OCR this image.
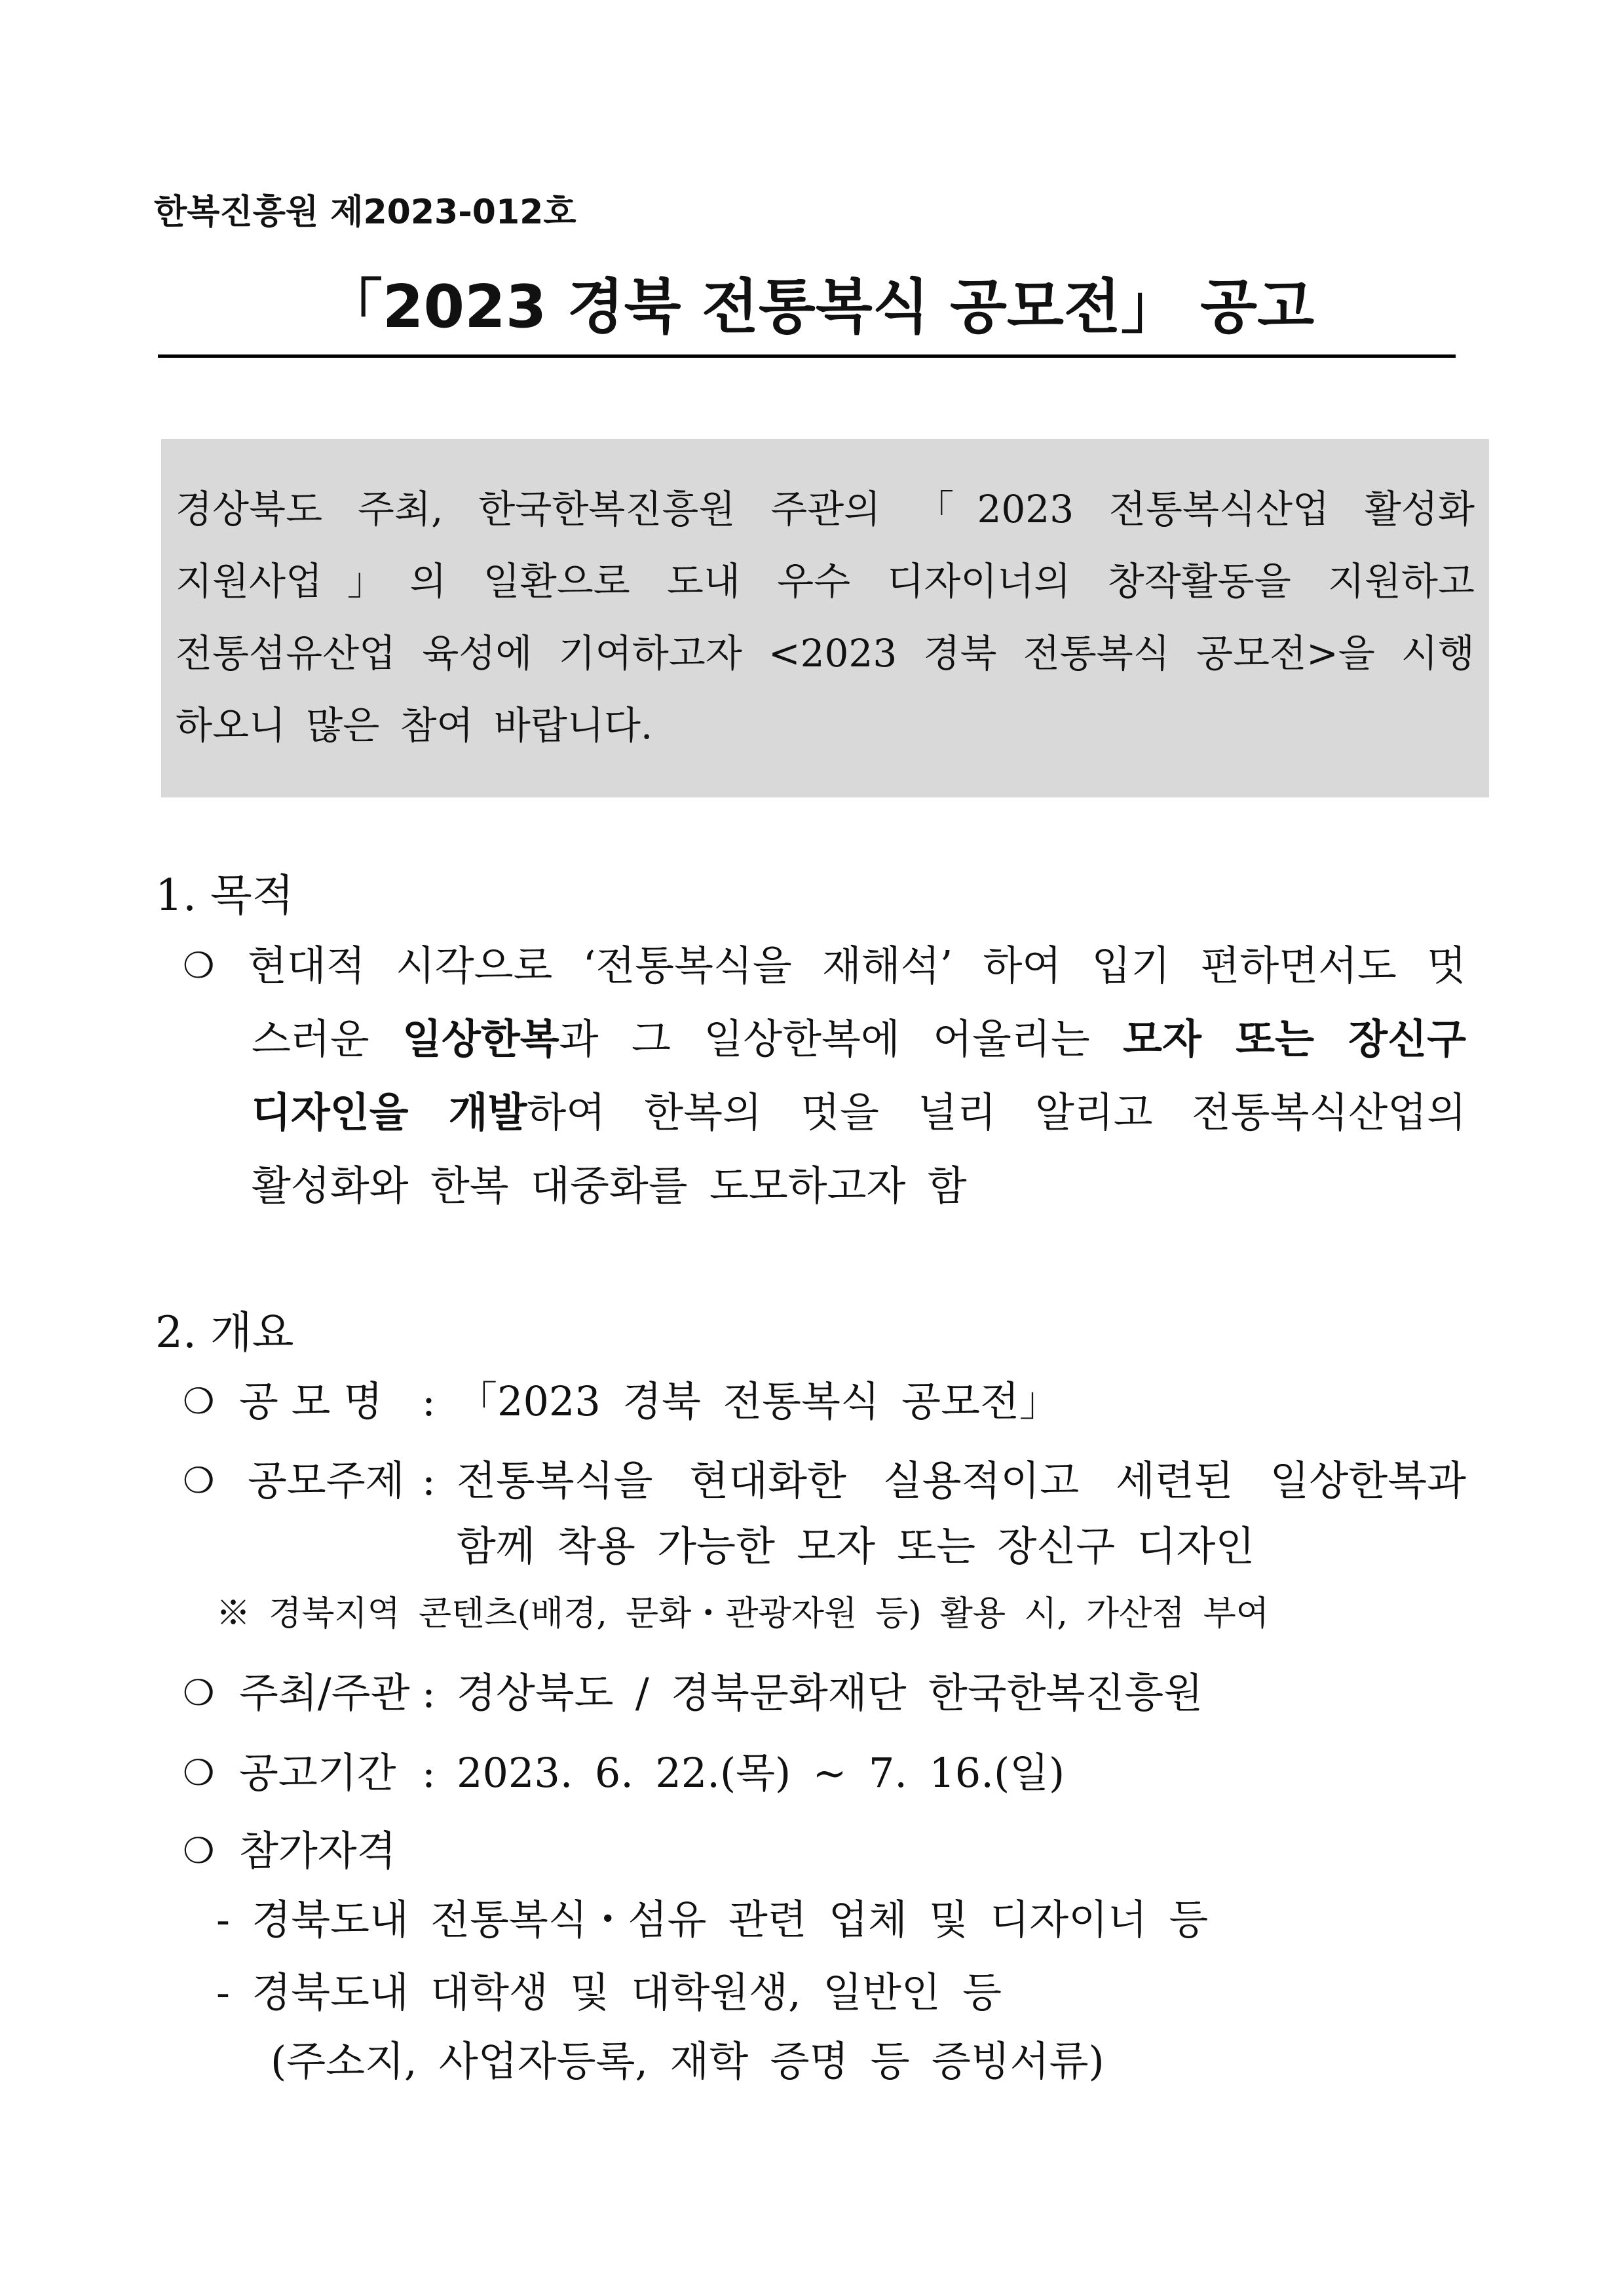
한복진흥원 제2023-012호
「2023 경북 전통복식 공모전」 공고
경상북도 주최, 한국한복진흥원 주관의 「2023 전통복식산업 활성화
지원사업」의 일환으로 도내 우수 디자이너의 창작활동을 지원하고
전통섬유산업 육성에 기여하고자 <2023 경북 전통복식 공모전>을 시행
하오니 많은 참여 바랍니다.
1. 목적
❍ 현대적 시각으로 ‘전통복식을 재해석’ 하여 입기 편하면서도 멋
스러운 일상한복과 그 일상한복에 어울리는 모자 또는 장신구
디자인을 개발하여 한복의 멋을 널리 알리고 전통복식산업의
활성화와 한복 대중화를 도모하고자 함
2. 개요
❍ 공 모 명 : 「2023 경북 전통복식 공모전」
❍ 공모주제 : 전통복식을 현대화한 실용적이고 세련된 일상한복과
함께 착용 가능한 모자 또는 장신구 디자인
※ 경북지역 콘텐츠(배경, 문화・관광자원 등) 활용 시, 가산점 부여
❍ 주최/주관 : 경상북도 / 경북문화재단 한국한복진흥원
❍ 공고기간 : 2023. 6. 22.(목) ~ 7. 16.(일)
❍ 참가자격
- 경북도내 전통복식・섬유 관련 업체 및 디자이너 등
- 경북도내 대학생 및 대학원생, 일반인 등
(주소지, 사업자등록, 재학 증명 등 증빙서류)
